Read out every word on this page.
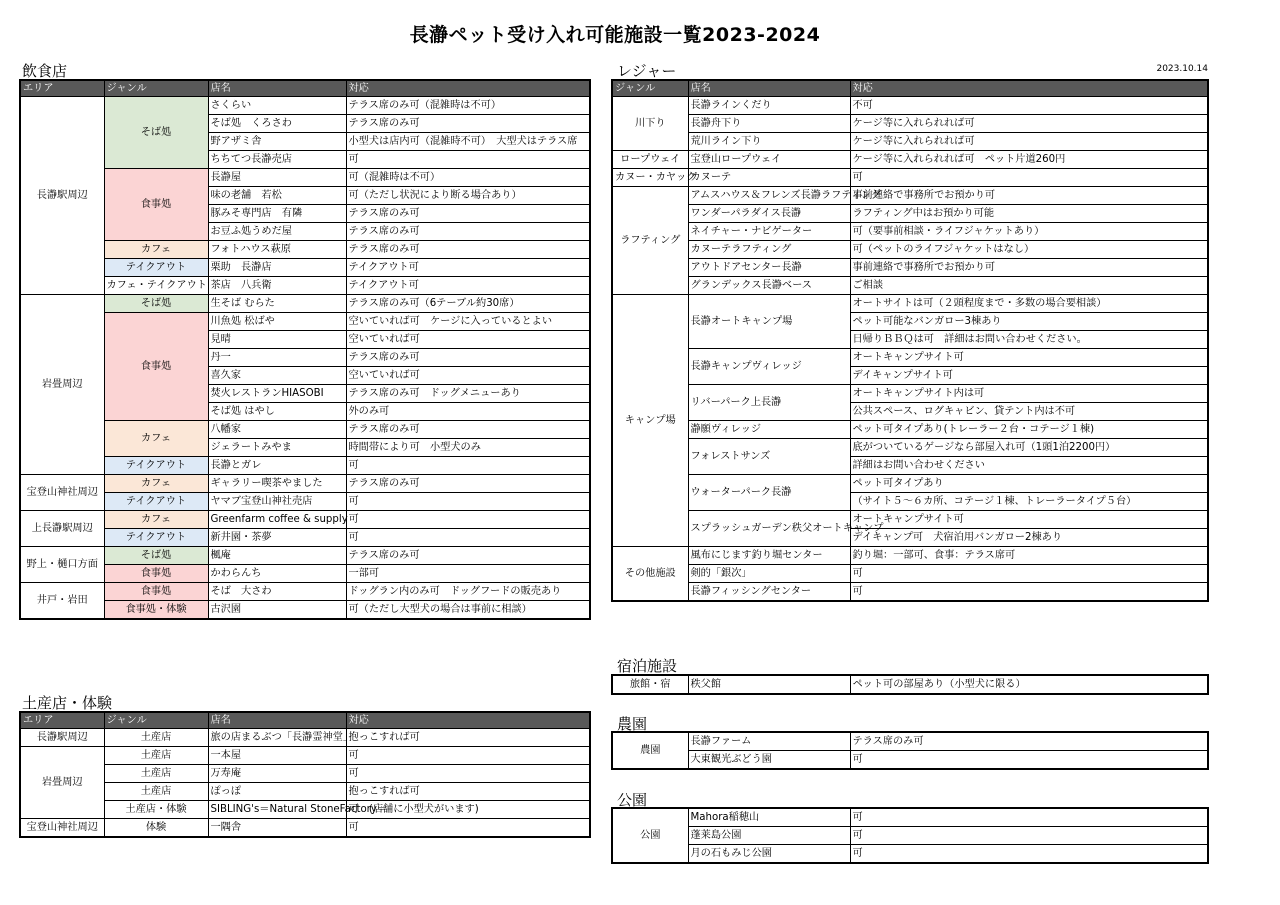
長瀞ペット受け入れ可能施設一覧2023-2024
2023.10.14
飲食店
エリア	ジャンル	店名	対応
長瀞駅周辺	そば処	さくらい	テラス席のみ可（混雑時は不可）
		そば処　くろさわ	テラス席のみ可
		野アザミ舎	小型犬は店内可（混雑時不可）　大型犬はテラス席
		ちちてつ長瀞売店	可
	食事処	長瀞屋	可（混雑時は不可）
		味の老舗　若松	可（ただし状況により断る場合あり）
		豚みそ専門店　有隣	テラス席のみ可
		お豆ふ処うめだ屋	テラス席のみ可
	カフェ	フォトハウス萩原	テラス席のみ可
	テイクアウト	栗助　長瀞店	テイクアウト可
	カフェ・テイクアウト	茶店　八兵衛	テイクアウト可
岩畳周辺	そば処	生そば むらた	テラス席のみ可（6テーブル約30席）
	食事処	川魚処 松ばや	空いていれば可　ケージに入っているとよい
		見晴	空いていれば可
		丹一	テラス席のみ可
		喜久家	空いていれば可
		焚火レストランHIASOBI	テラス席のみ可　ドッグメニューあり
		そば処 はやし	外のみ可
	カフェ	八幡家	テラス席のみ可
		ジェラートみやま	時間帯により可　小型犬のみ
	テイクアウト	長瀞とガレ	可
宝登山神社周辺	カフェ	ギャラリー喫茶やました	テラス席のみ可
	テイクアウト	ヤマブ宝登山神社売店	可
上長瀞駅周辺	カフェ	Greenfarm coffee & supply	可
	テイクアウト	新井園・茶夢	可
野上・樋口方面	そば処	楓庵	テラス席のみ可
	食事処	かわらんち	一部可
井戸・岩田	食事処	そば　大さわ	ドッグラン内のみ可　ドッグフードの販売あり
	食事処・体験	古沢園	可（ただし大型犬の場合は事前に相談）
土産店・体験
エリア	ジャンル	店名	対応
長瀞駅周辺	土産店	旅の店まるぶつ「長瀞霊神堂」	抱っこすれば可
岩畳周辺	土産店	一本屋	可
	土産店	万寿庵	可
	土産店	ぽっぽ	抱っこすれば可
	土産店・体験	SIBLING's＝Natural StoneFactory＝	可　(店舗に小型犬がいます)
宝登山神社周辺	体験	一隅舎	可
レジャー
ジャンル	店名	対応
川下り	長瀞ラインくだり	不可
	長瀞舟下り	ケージ等に入れられれば可
	荒川ライン下り	ケージ等に入れられれば可
ロープウェイ	宝登山ロープウェイ	ケージ等に入れられれば可　ペット片道260円
カヌー・カヤック	カヌーテ	可
ラフティング	アムスハウス＆フレンズ長瀞ラフティング	事前連絡で事務所でお預かり可
	ワンダーパラダイス長瀞	ラフティング中はお預かり可能
	ネイチャー・ナビゲーター	可（要事前相談・ライフジャケットあり）
	カヌーテラフティング	可（ペットのライフジャケットはなし）
	アウトドアセンター長瀞	事前連絡で事務所でお預かり可
	グランデックス長瀞ベース	ご相談
キャンプ場	長瀞オートキャンプ場	オートサイトは可（２頭程度まで・多数の場合要相談）
		ペット可能なバンガロー3棟あり
		日帰りＢＢＱは可　詳細はお問い合わせください。
	長瀞キャンプヴィレッジ	オートキャンプサイト可
		デイキャンプサイト可
	リバーパーク上長瀞	オートキャンプサイト内は可
		公共スペース、ログキャビン、貸テント内は不可
	瀞願ヴィレッジ	ペット可タイプあり(トレーラー２台・コテージ１棟)
	フォレストサンズ	底がついているゲージなら部屋入れ可（1頭1泊2200円）
		詳細はお問い合わせください
	ウォーターパーク長瀞	ペット可タイプあり
		（サイト５～６カ所、コテージ１棟、トレーラータイプ５台）
	スプラッシュガーデン秩父オートキャンプ	オートキャンプサイト可
		デイキャンプ可　犬宿泊用バンガロー2棟あり
その他施設	風布にじます釣り堀センター	釣り堀：一部可、食事：テラス席可
	剣的「銀次」	可
	長瀞フィッシングセンター	可
宿泊施設
旅館・宿	秩父館	ペット可の部屋あり（小型犬に限る）
農園
農園	長瀞ファーム	テラス席のみ可
	大東観光ぶどう園	可
公園
公園	Mahora稲穂山	可
	蓬莱島公園	可
	月の石もみじ公園	可
